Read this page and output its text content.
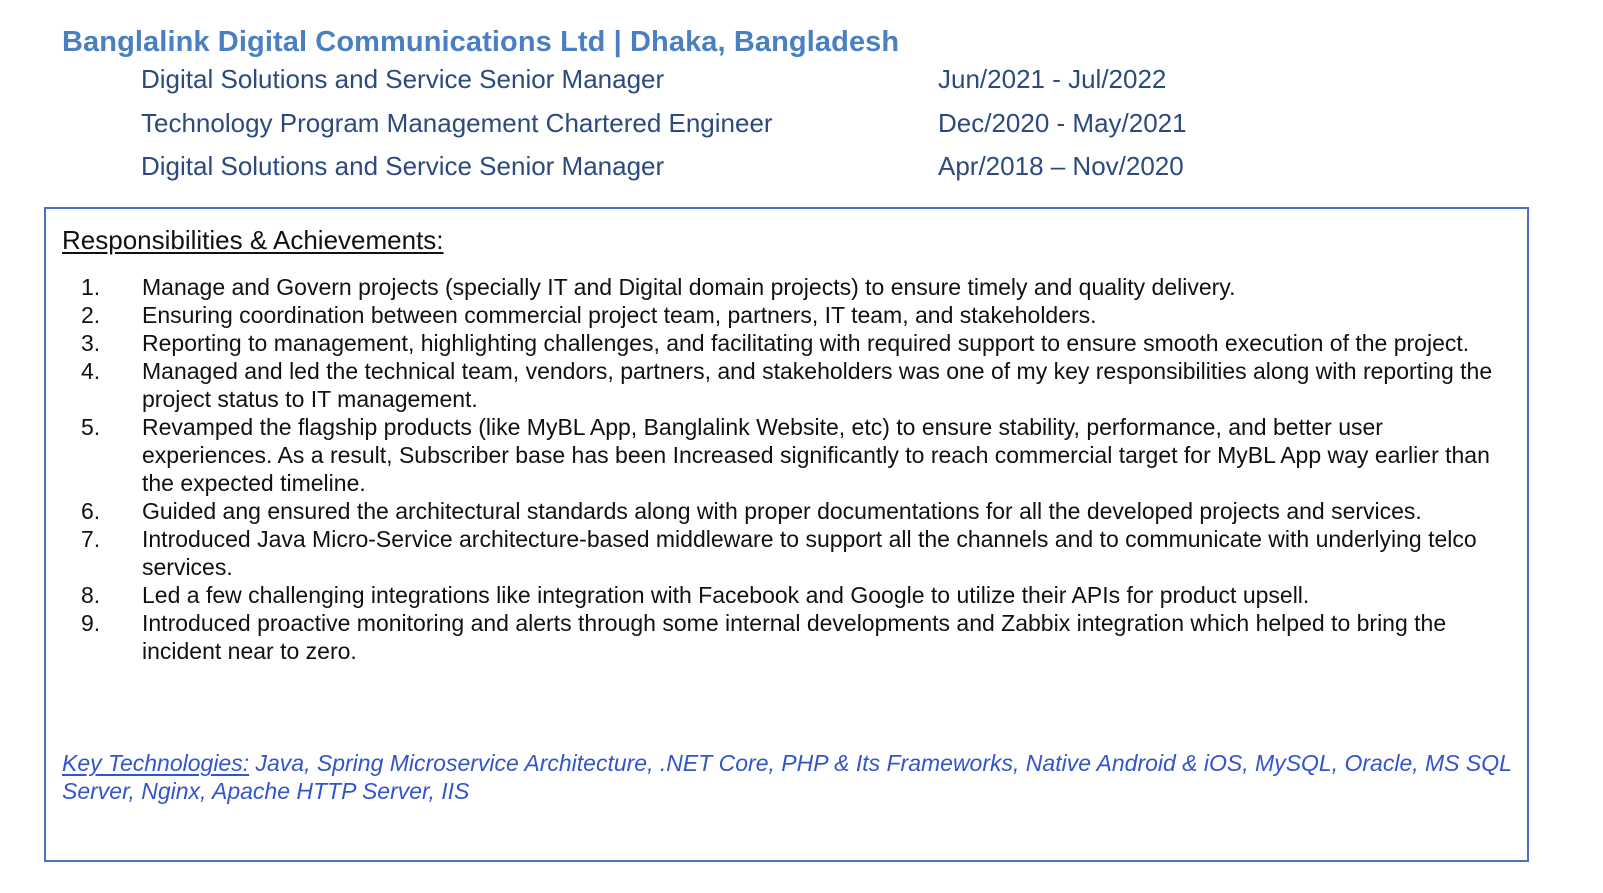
Banglalink Digital Communications Ltd | Dhaka, Bangladesh
Digital Solutions and Service Senior Manager	Jun/2021 - Jul/2022
Technology Program Management Chartered Engineer	Dec/2020 - May/2021
Digital Solutions and Service Senior Manager	Apr/2018 – Nov/2020
Responsibilities & Achievements:
1. Manage and Govern projects (specially IT and Digital domain projects) to ensure timely and quality delivery.
2. Ensuring coordination between commercial project team, partners, IT team, and stakeholders.
3. Reporting to management, highlighting challenges, and facilitating with required support to ensure smooth execution of the project.
4. Managed and led the technical team, vendors, partners, and stakeholders was one of my key responsibilities along with reporting the project status to IT management.
5. Revamped the flagship products (like MyBL App, Banglalink Website, etc) to ensure stability, performance, and better user experiences. As a result, Subscriber base has been Increased significantly to reach commercial target for MyBL App way earlier than the expected timeline.
6. Guided ang ensured the architectural standards along with proper documentations for all the developed projects and services.
7. Introduced Java Micro-Service architecture-based middleware to support all the channels and to communicate with underlying telco services.
8. Led a few challenging integrations like integration with Facebook and Google to utilize their APIs for product upsell.
9. Introduced proactive monitoring and alerts through some internal developments and Zabbix integration which helped to bring the incident near to zero.
Key Technologies: Java, Spring Microservice Architecture, .NET Core, PHP & Its Frameworks, Native Android & iOS, MySQL, Oracle, MS SQL Server, Nginx, Apache HTTP Server, IIS
